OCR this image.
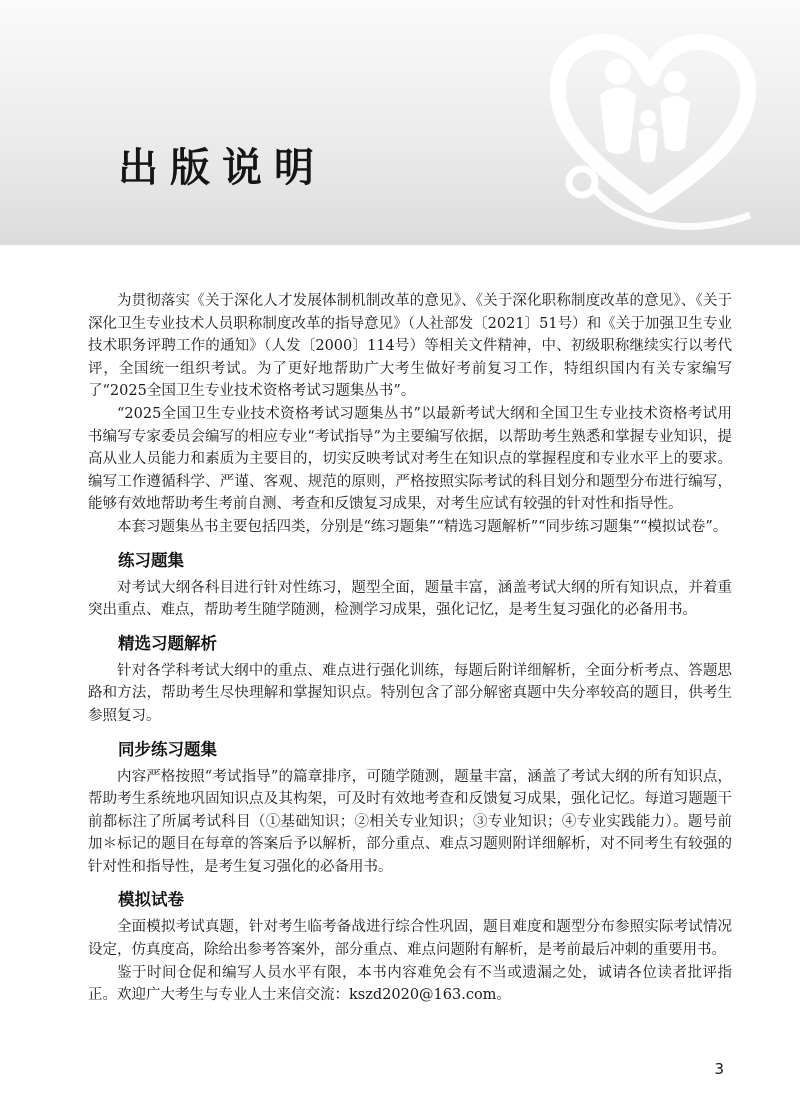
出版说明

为贯彻落实《关于深化人才发展体制机制改革的意见》、《关于深化职称制度改革的意见》、《关于深化卫生专业技术人员职称制度改革的指导意见》（人社部发〔2021〕51号）和《关于加强卫生专业技术职务评聘工作的通知》（人发〔2000〕114号）等相关文件精神，中、初级职称继续实行以考代评，全国统一组织考试。为了更好地帮助广大考生做好考前复习工作，特组织国内有关专家编写了“2025全国卫生专业技术资格考试习题集丛书”。

“2025全国卫生专业技术资格考试习题集丛书”以最新考试大纲和全国卫生专业技术资格考试用书编写专家委员会编写的相应专业“考试指导”为主要编写依据，以帮助考生熟悉和掌握专业知识，提高从业人员能力和素质为主要目的，切实反映考试对考生在知识点的掌握程度和专业水平上的要求。编写工作遵循科学、严谨、客观、规范的原则，严格按照实际考试的科目划分和题型分布进行编写，能够有效地帮助考生考前自测、考查和反馈复习成果，对考生应试有较强的针对性和指导性。

本套习题集丛书主要包括四类，分别是“练习题集”“精选习题解析”“同步练习题集”“模拟试卷”。

练习题集

对考试大纲各科目进行针对性练习，题型全面，题量丰富，涵盖考试大纲的所有知识点，并着重突出重点、难点，帮助考生随学随测，检测学习成果，强化记忆，是考生复习强化的必备用书。

精选习题解析

针对各学科考试大纲中的重点、难点进行强化训练，每题后附详细解析，全面分析考点、答题思路和方法，帮助考生尽快理解和掌握知识点。特别包含了部分解密真题中失分率较高的题目，供考生参照复习。

同步练习题集

内容严格按照“考试指导”的篇章排序，可随学随测，题量丰富，涵盖了考试大纲的所有知识点，帮助考生系统地巩固知识点及其构架，可及时有效地考查和反馈复习成果，强化记忆。每道习题题干前都标注了所属考试科目（①基础知识；②相关专业知识；③专业知识；④专业实践能力）。题号前加＊标记的题目在每章的答案后予以解析，部分重点、难点习题则附详细解析，对不同考生有较强的针对性和指导性，是考生复习强化的必备用书。

模拟试卷

全面模拟考试真题，针对考生临考备战进行综合性巩固，题目难度和题型分布参照实际考试情况设定，仿真度高，除给出参考答案外，部分重点、难点问题附有解析，是考前最后冲刺的重要用书。

鉴于时间仓促和编写人员水平有限，本书内容难免会有不当或遗漏之处，诚请各位读者批评指正。欢迎广大考生与专业人士来信交流：kszd2020@163.com。

3
